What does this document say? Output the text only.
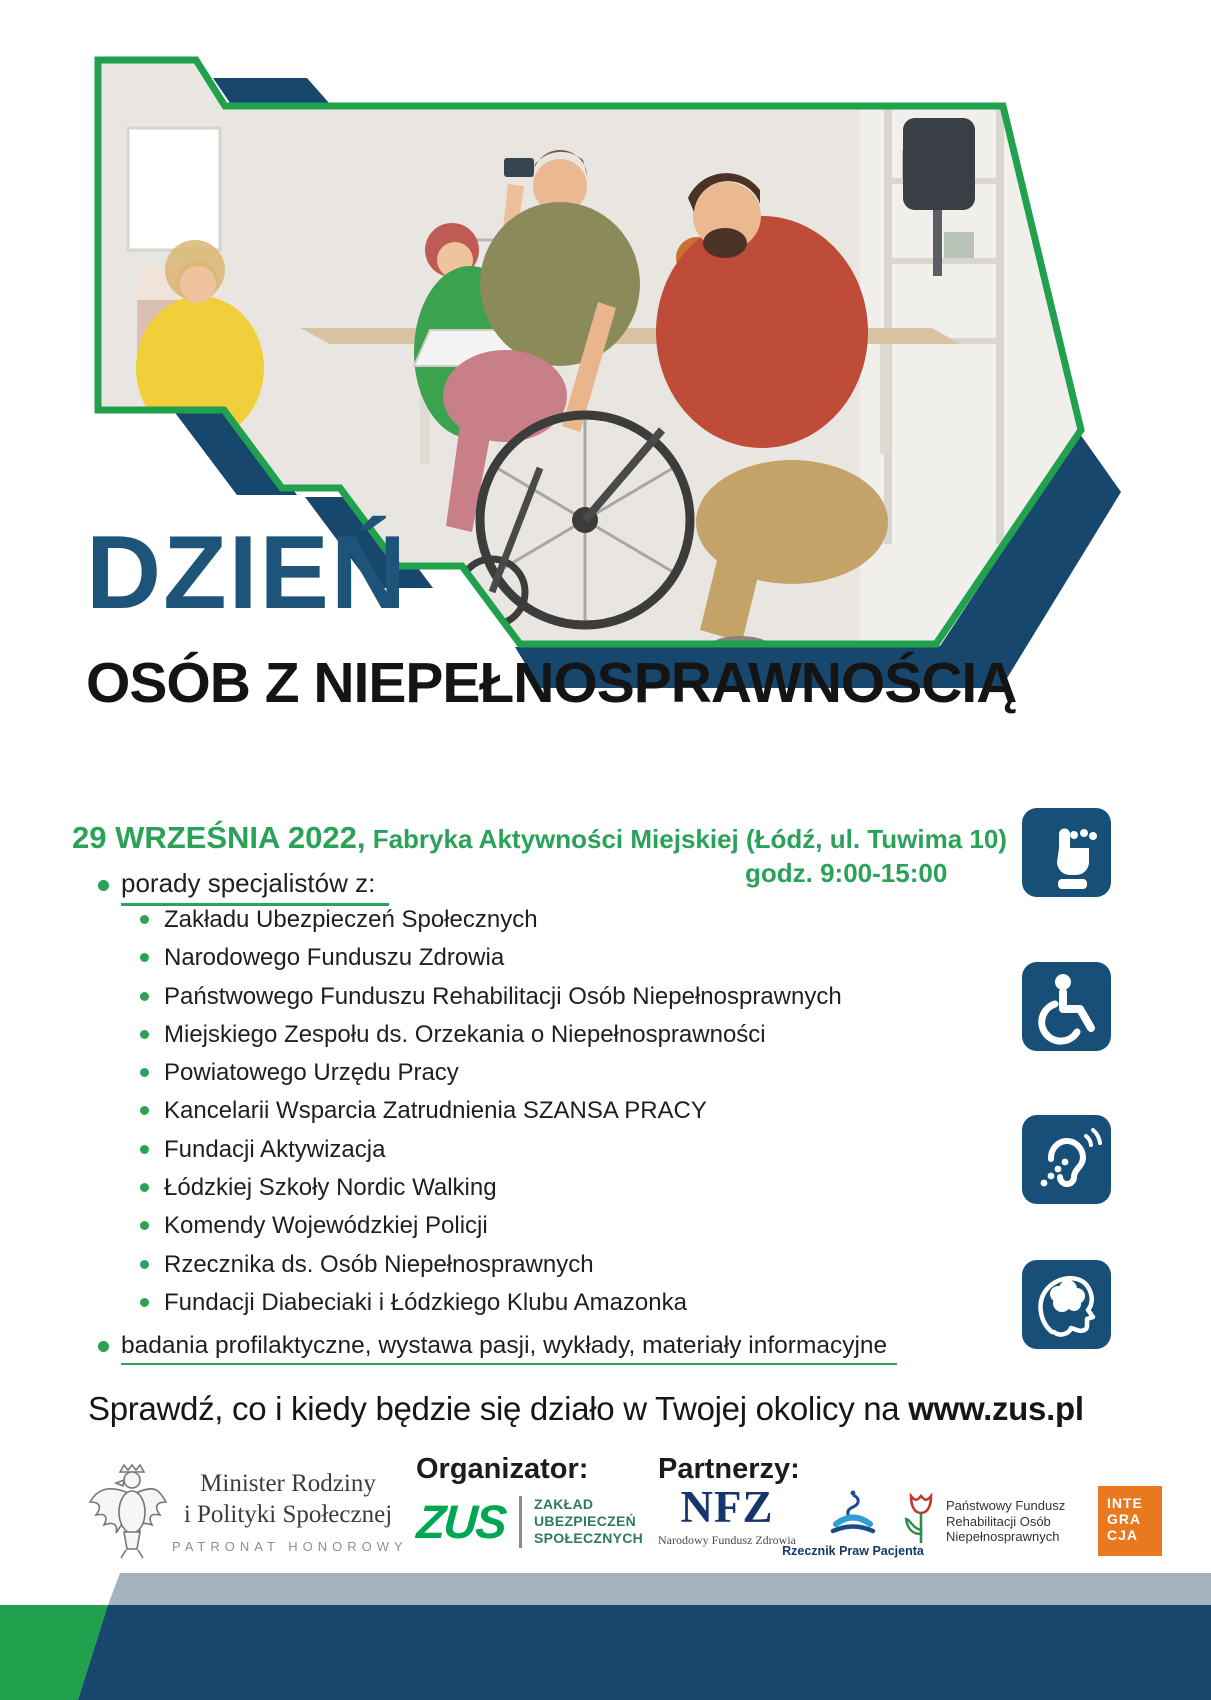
DZIEŃ
OSÓB Z NIEPEŁNOSPRAWNOŚCIĄ
29 WRZEŚNIA 2022, Fabryka Aktywności Miejskiej (Łódź, ul. Tuwima 10)
godz. 9:00-15:00
porady specjalistów z:
Zakładu Ubezpieczeń Społecznych
Narodowego Funduszu Zdrowia
Państwowego Funduszu Rehabilitacji Osób Niepełnosprawnych
Miejskiego Zespołu ds. Orzekania o Niepełnosprawności
Powiatowego Urzędu Pracy
Kancelarii Wsparcia Zatrudnienia SZANSA PRACY
Fundacji Aktywizacja
Łódzkiej Szkoły Nordic Walking
Komendy Wojewódzkiej Policji
Rzecznika ds. Osób Niepełnosprawnych
Fundacji Diabeciaki i Łódzkiego Klubu Amazonka
badania profilaktyczne, wystawa pasji, wykłady, materiały informacyjne
Sprawdź, co i kiedy będzie się działo w Twojej okolicy na www.zus.pl
Minister Rodziny
i Polityki Społecznej
PATRONAT HONOROWY
Organizator:
ZUS ZAKŁAD
UBEZPIECZEŃ
SPOŁECZNYCH
Partnerzy:
NFZ
Narodowy Fundusz Zdrowia
Rzecznik Praw Pacjenta
Państwowy Fundusz
Rehabilitacji Osób
Niepełnosprawnych
INTE
GRA
CJA
